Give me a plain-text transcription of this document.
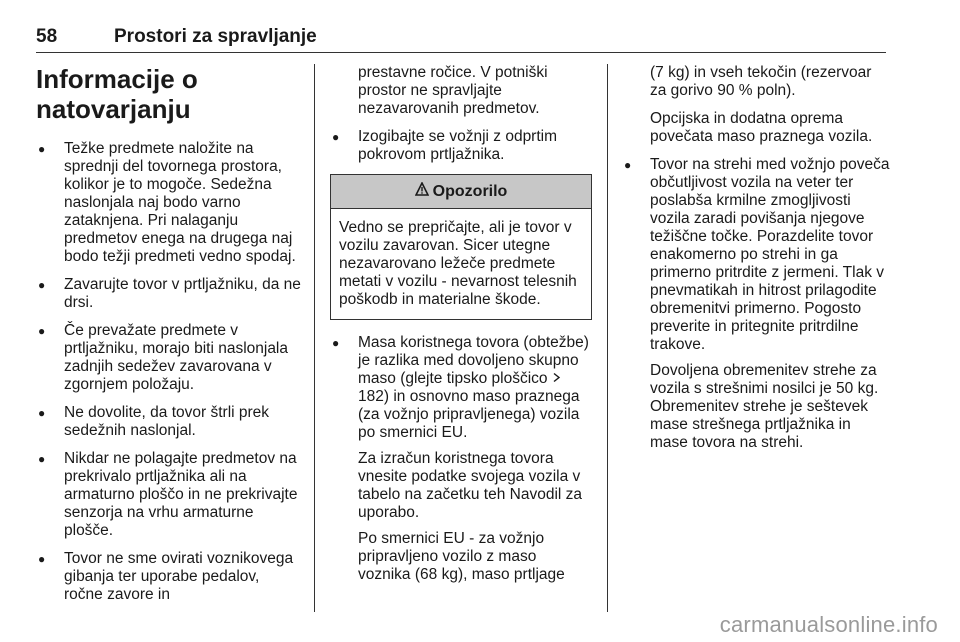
58	Prostori za spravljanje
Informacije o natovarjanju

● Težke predmete naložite na sprednji del tovornega prostora, kolikor je to mogoče. Sedežna naslonjala naj bodo varno zataknjena. Pri nalaganju predmetov enega na drugega naj bodo težji predmeti vedno spodaj.

● Zavarujte tovor v prtljažniku, da ne drsi.

● Če prevažate predmete v prtljažniku, morajo biti naslonjala zadnjih sedežev zavarovana v zgornjem položaju.

● Ne dovolite, da tovor štrli prek sedežnih naslonjal.

● Nikdar ne polagajte predmetov na prekrivalo prtljažnika ali na armaturno ploščo in ne prekrivajte senzorja na vrhu armaturne plošče.

● Tovor ne sme ovirati voznikovega gibanja ter uporabe pedalov, ročne zavore in

prestavne ročice. V potniški prostor ne spravljajte nezavarovanih predmetov.

● Izogibajte se vožnji z odprtim pokrovom prtljažnika.

Opozorilo
Vedno se prepričajte, ali je tovor v vozilu zavarovan. Sicer utegne nezavarovano ležeče predmete metati v vozilu - nevarnost telesnih poškodb in materialne škode.

● Masa koristnega tovora (obtežbe) je razlika med dovoljeno skupno maso (glejte tipsko ploščico  182) in osnovno maso praznega (za vožnjo pripravljenega) vozila po smernici EU.

Za izračun koristnega tovora vnesite podatke svojega vozila v tabelo na začetku teh Navodil za uporabo.

Po smernici EU - za vožnjo pripravljeno vozilo z maso voznika (68 kg), maso prtljage

(7 kg) in vseh tekočin (rezervoar za gorivo 90 % poln).

Opcijska in dodatna oprema povečata maso praznega vozila.

● Tovor na strehi med vožnjo poveča občutljivost vozila na veter ter poslabša krmilne zmogljivosti vozila zaradi povišanja njegove težiščne točke. Porazdelite tovor enakomerno po strehi in ga primerno pritrdite z jermeni. Tlak v pnevmatikah in hitrost prilagodite obremenitvi primerno. Pogosto preverite in pritegnite pritrdilne trakove.

Dovoljena obremenitev strehe za vozila s strešnimi nosilci je 50 kg. Obremenitev strehe je seštevek mase strešnega prtljažnika in mase tovora na strehi.

carmanualsonline.info
